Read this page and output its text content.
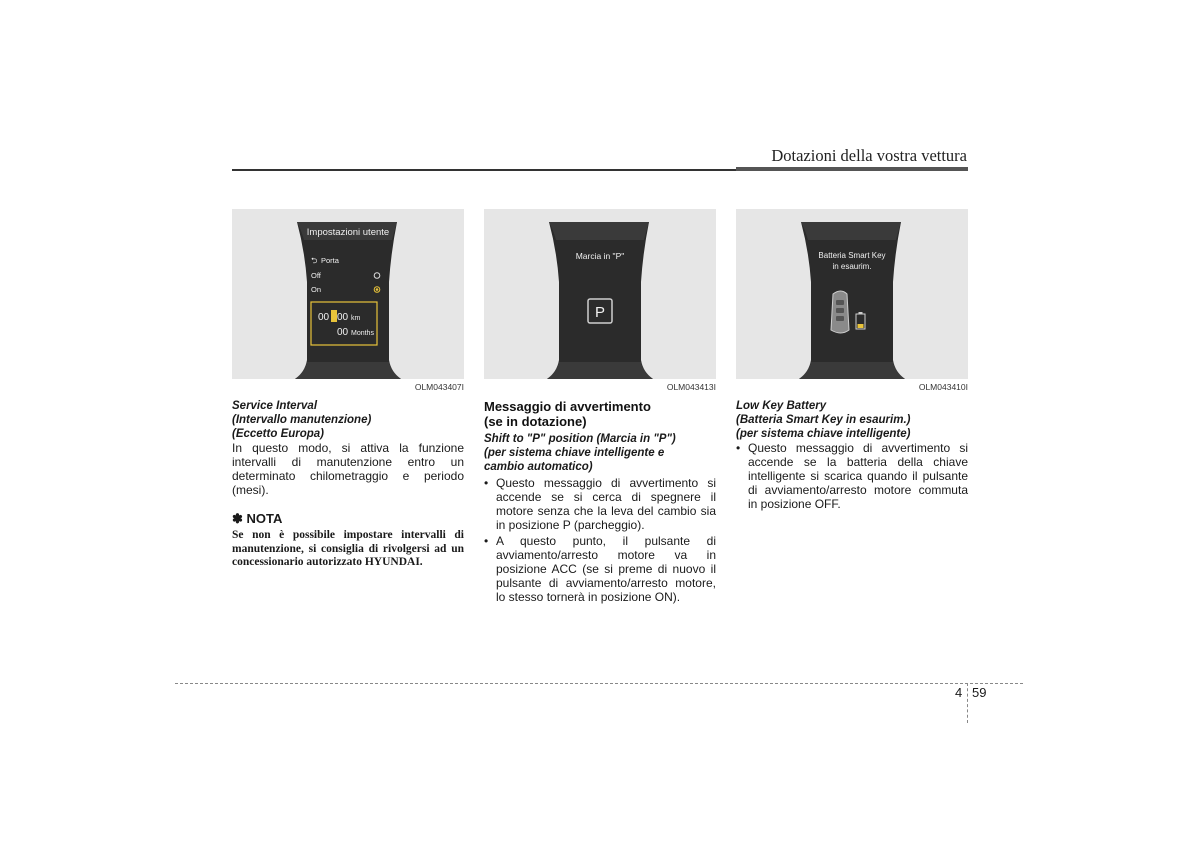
Dotazioni della vostra vettura
Impostazioni utente
⮌ Porta
Off
On
00 00 km
00 Months
OLM043407I
Service Interval
(Intervallo manutenzione)
(Eccetto Europa)
In questo modo, si attiva la funzione intervalli di manutenzione entro un determinato chilometraggio e periodo (mesi).
✽ NOTA
Se non è possibile impostare intervalli di manutenzione, si consiglia di rivolgersi ad un concessionario autorizzato HYUNDAI.
Marcia in "P"
P
OLM043413I
Messaggio di avvertimento
(se in dotazione)
Shift to "P" position (Marcia in "P")
(per sistema chiave intelligente e
cambio automatico)
• Questo messaggio di avvertimento si accende se si cerca di spegnere il motore senza che la leva del cambio sia in posizione P (parcheggio).
• A questo punto, il pulsante di avviamento/arresto motore va in posizione ACC (se si preme di nuovo il pulsante di avviamento/arresto motore, lo stesso tornerà in posizione ON).
Batteria Smart Key
in esaurim.
OLM043410I
Low Key Battery
(Batteria Smart Key in esaurim.)
(per sistema chiave intelligente)
• Questo messaggio di avvertimento si accende se la batteria della chiave intelligente si scarica quando il pulsante di avviamento/arresto motore commuta in posizione OFF.
4 59
